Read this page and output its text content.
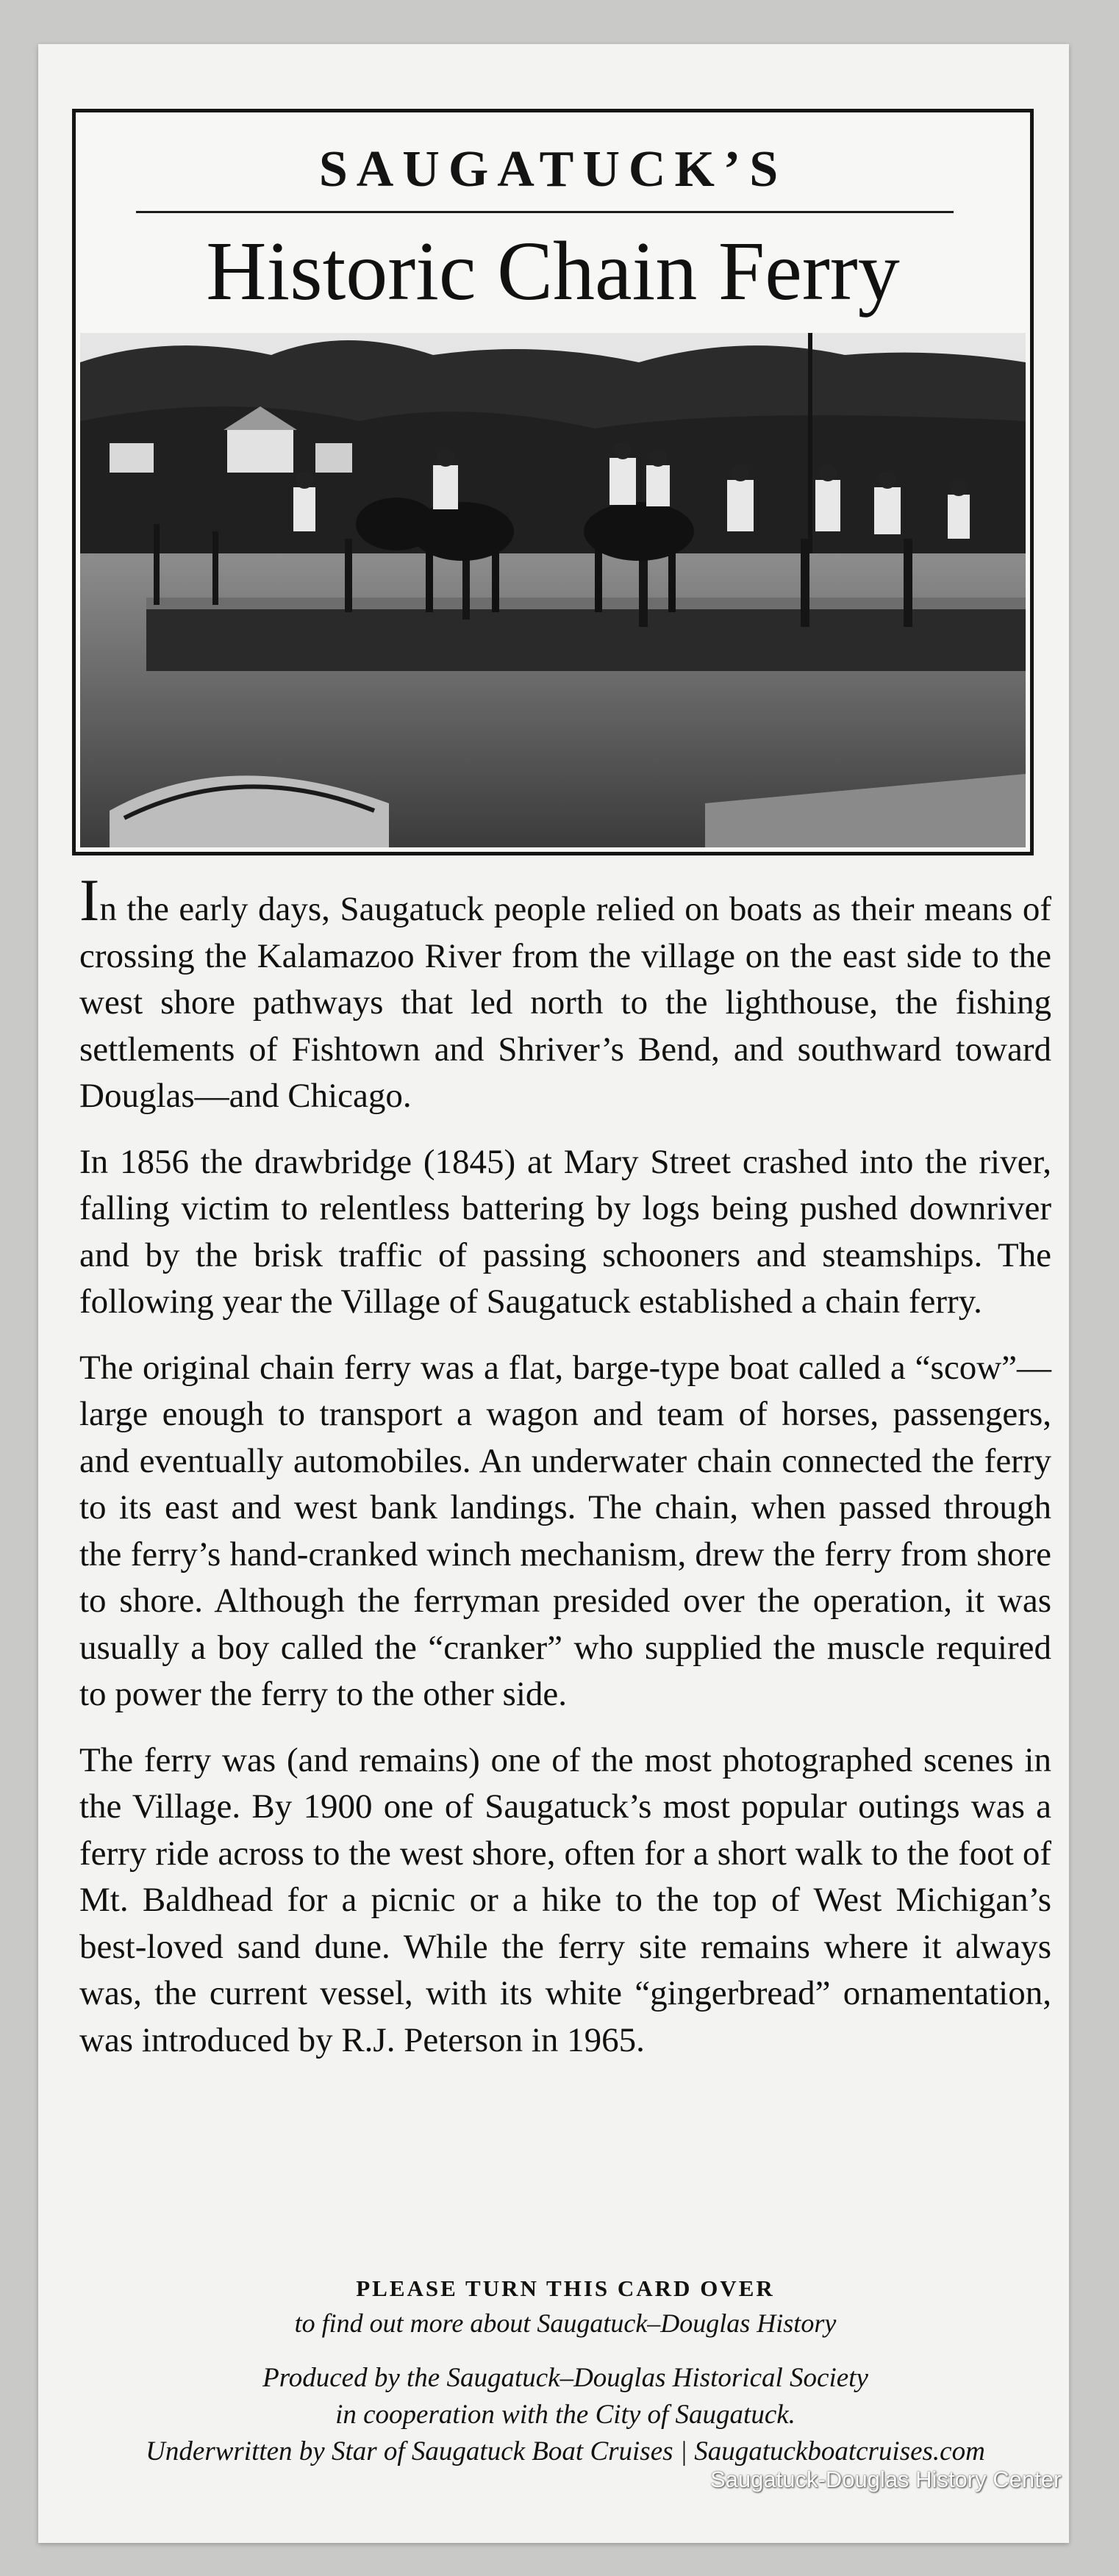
SAUGATUCK’S
Historic Chain Ferry

In the early days, Saugatuck people relied on boats as their means of crossing the Kalamazoo River from the village on the east side to the west shore pathways that led north to the lighthouse, the fishing settlements of Fishtown and Shriver’s Bend, and southward toward Douglas—and Chicago.

In 1856 the drawbridge (1845) at Mary Street crashed into the river, falling victim to relentless battering by logs being pushed downriver and by the brisk traffic of passing schooners and steamships. The following year the Village of Saugatuck established a chain ferry.

The original chain ferry was a flat, barge-type boat called a “scow”—large enough to transport a wagon and team of horses, passengers, and eventually automobiles. An underwater chain connected the ferry to its east and west bank landings. The chain, when passed through the ferry’s hand-cranked winch mechanism, drew the ferry from shore to shore. Although the ferryman presided over the operation, it was usually a boy called the “cranker” who supplied the muscle required to power the ferry to the other side.

The ferry was (and remains) one of the most photographed scenes in the Village. By 1900 one of Saugatuck’s most popular outings was a ferry ride across to the west shore, often for a short walk to the foot of Mt. Baldhead for a picnic or a hike to the top of West Michigan’s best-loved sand dune. While the ferry site remains where it always was, the current vessel, with its white “gingerbread” ornamentation, was introduced by R.J. Peterson in 1965.

PLEASE TURN THIS CARD OVER
to find out more about Saugatuck–Douglas History
Produced by the Saugatuck–Douglas Historical Society
in cooperation with the City of Saugatuck.
Underwritten by Star of Saugatuck Boat Cruises | Saugatuckboatcruises.com
Saugatuck-Douglas History Center
